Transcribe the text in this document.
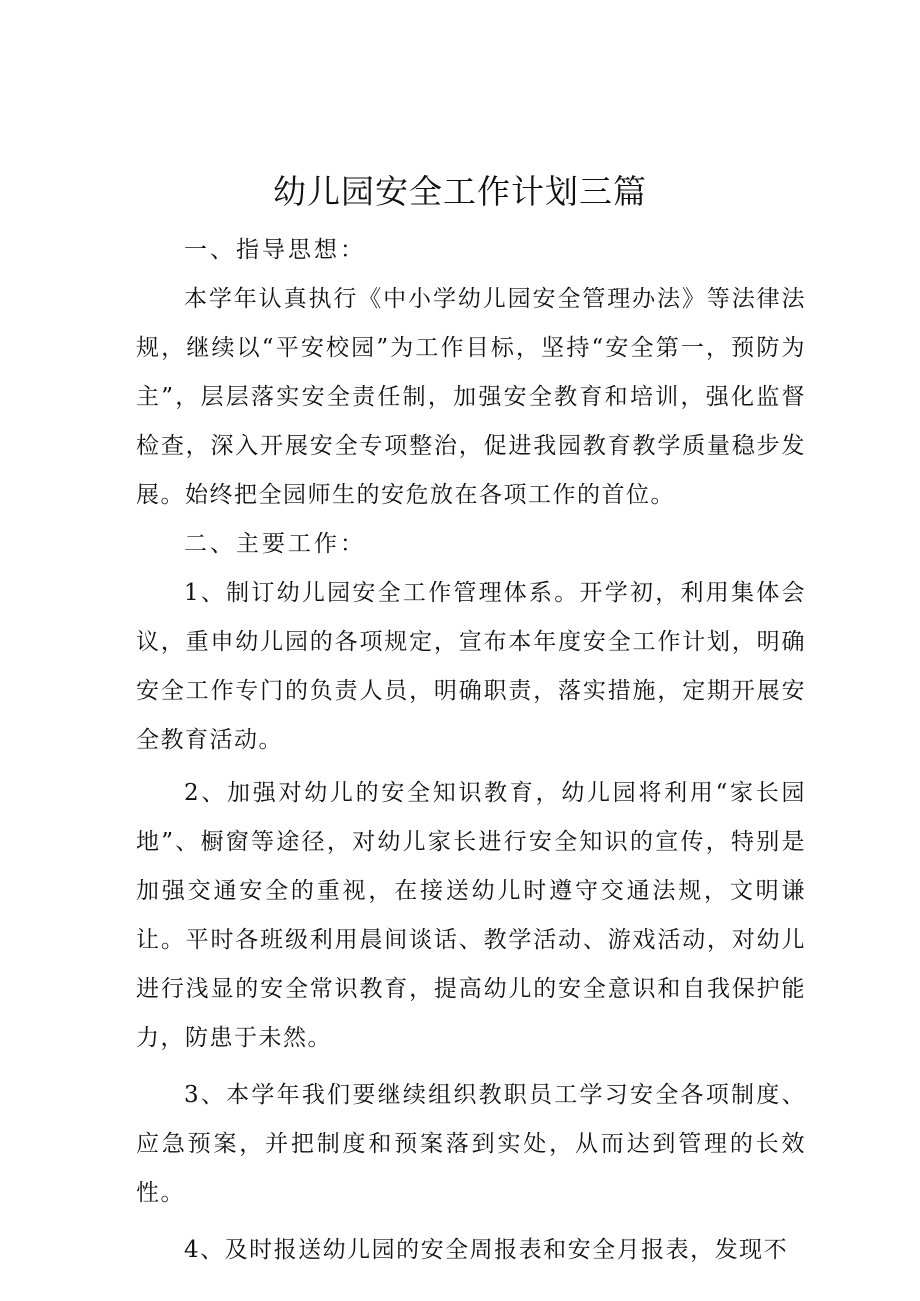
幼儿园安全工作计划三篇

一、指导思想：

本学年认真执行《中小学幼儿园安全管理办法》等法律法规，继续以“平安校园”为工作目标，坚持“安全第一，预防为主”，层层落实安全责任制，加强安全教育和培训，强化监督检查，深入开展安全专项整治，促进我园教育教学质量稳步发展。始终把全园师生的安危放在各项工作的首位。

二、主要工作：

1、制订幼儿园安全工作管理体系。开学初，利用集体会议，重申幼儿园的各项规定，宣布本年度安全工作计划，明确安全工作专门的负责人员，明确职责，落实措施，定期开展安全教育活动。

2、加强对幼儿的安全知识教育，幼儿园将利用“家长园地”、橱窗等途径，对幼儿家长进行安全知识的宣传，特别是加强交通安全的重视，在接送幼儿时遵守交通法规，文明谦让。平时各班级利用晨间谈话、教学活动、游戏活动，对幼儿进行浅显的安全常识教育，提高幼儿的安全意识和自我保护能力，防患于未然。

3、本学年我们要继续组织教职员工学习安全各项制度、应急预案，并把制度和预案落到实处，从而达到管理的长效性。

4、及时报送幼儿园的安全周报表和安全月报表，发现不
